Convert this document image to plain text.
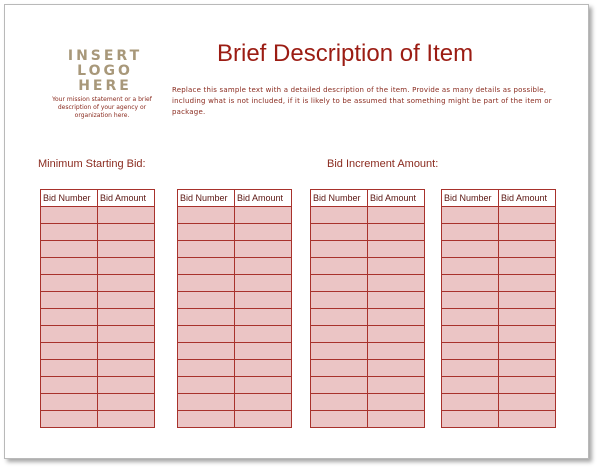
INSERT
LOGO
HERE
Your mission statement or a brief description of your agency or organization here.
Brief Description of Item
Replace this sample text with a detailed description of the item. Provide as many details as possible, including what is not included, if it is likely to be assumed that something might be part of the item or package.
Minimum Starting Bid:	Bid Increment Amount:
Bid Number	Bid Amount

		Bid Number	Bid Amount

		Bid Number	Bid Amount

		Bid Number	Bid Amount
